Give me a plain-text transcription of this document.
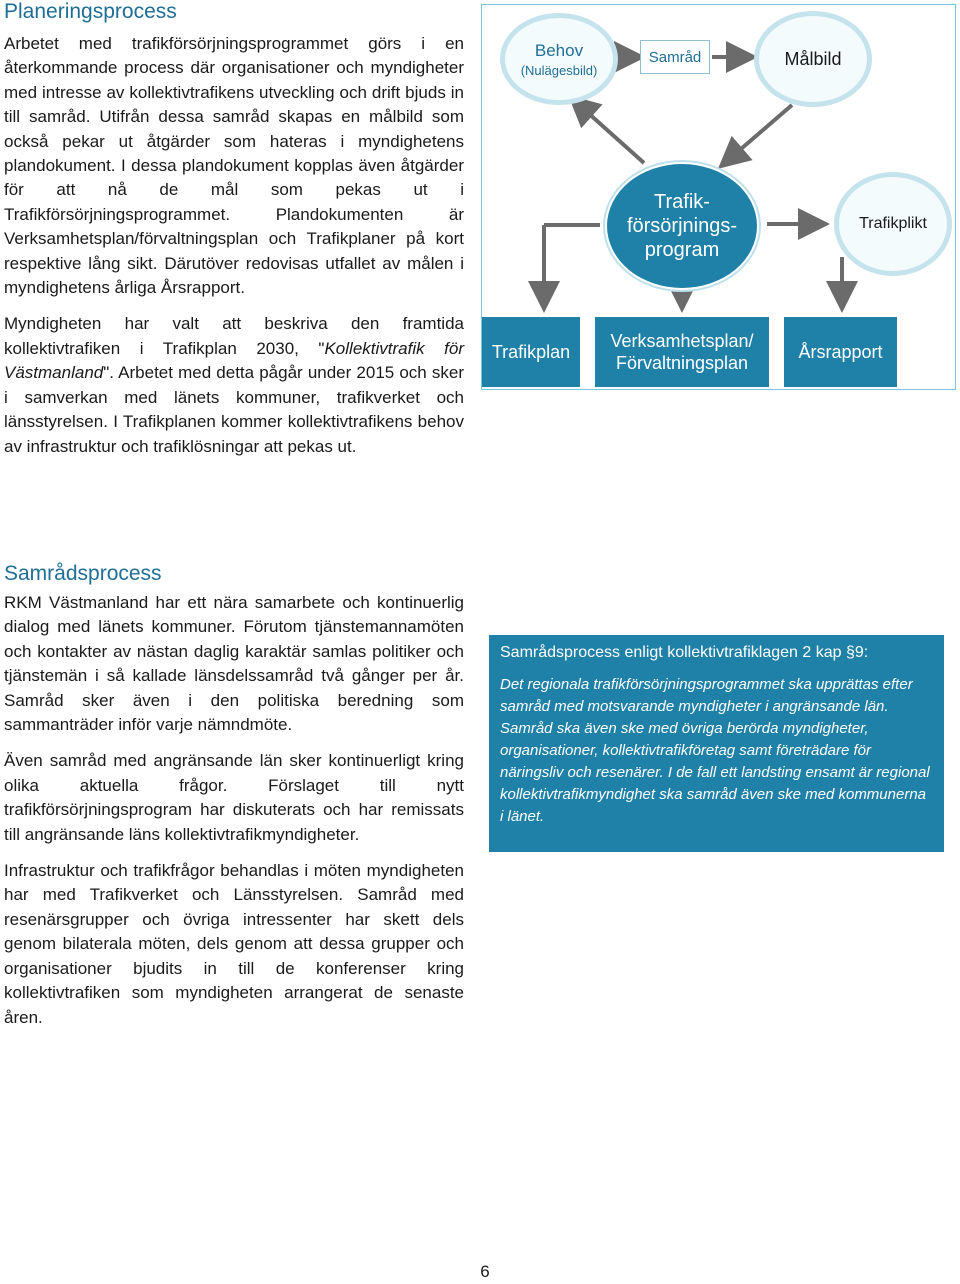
Planeringsprocess

Arbetet med trafikförsörjningsprogrammet görs i en återkommande process där organisationer och myndigheter med intresse av kollektivtrafikens utveckling och drift bjuds in till samråd. Utifrån dessa samråd skapas en målbild som också pekar ut åtgärder som hateras i myndighetens plandokument. I dessa plandokument kopplas även åtgärder för att nå de mål som pekas ut i Trafikförsörjningsprogrammet. Plandokumenten är Verksamhetsplan/förvaltningsplan och Trafikplaner på kort respektive lång sikt. Därutöver redovisas utfallet av målen i myndighetens årliga Årsrapport.

Myndigheten har valt att beskriva den framtida kollektivtrafiken i Trafikplan 2030, "Kollektivtrafik för Västmanland". Arbetet med detta pågår under 2015 och sker i samverkan med länets kommuner, trafikverket och länsstyrelsen. I Trafikplanen kommer kollektivtrafikens behov av infrastruktur och trafiklösningar att pekas ut.

Behov
(Nulägesbild)
Samråd	Målbild
Trafik-
försörjnings-
program
Trafikplikt
Trafikplan
Verksamhetsplan/
Förvaltningsplan
Årsrapport
Samrådsprocess

RKM Västmanland har ett nära samarbete och kontinuerlig dialog med länets kommuner. Förutom tjänstemannamöten och kontakter av nästan daglig karaktär samlas politiker och tjänstemän i så kallade länsdelssamråd två gånger per år. Samråd sker även i den politiska beredning som sammanträder inför varje nämndmöte.

Även samråd med angränsande län sker kontinuerligt kring olika aktuella frågor. Förslaget till nytt trafikförsörjningsprogram har diskuterats och har remissats till angränsande läns kollektivtrafikmyndigheter.

Infrastruktur och trafikfrågor behandlas i möten myndigheten har med Trafikverket och Länsstyrelsen. Samråd med resenärsgrupper och övriga intressenter har skett dels genom bilaterala möten, dels genom att dessa grupper och organisationer bjudits in till de konferenser kring kollektivtrafiken som myndigheten arrangerat de senaste åren.

Samrådsprocess enligt kollektivtrafiklagen 2 kap §9:

Det regionala trafikförsörjningsprogrammet ska upprättas efter samråd med motsvarande myndigheter i angränsande län. Samråd ska även ske med övriga berörda myndigheter, organisationer, kollektivtrafikföretag samt företrädare för näringsliv och resenärer. I de fall ett landsting ensamt är regional kollektivtrafikmyndighet ska samråd även ske med kommunerna i länet.

6
